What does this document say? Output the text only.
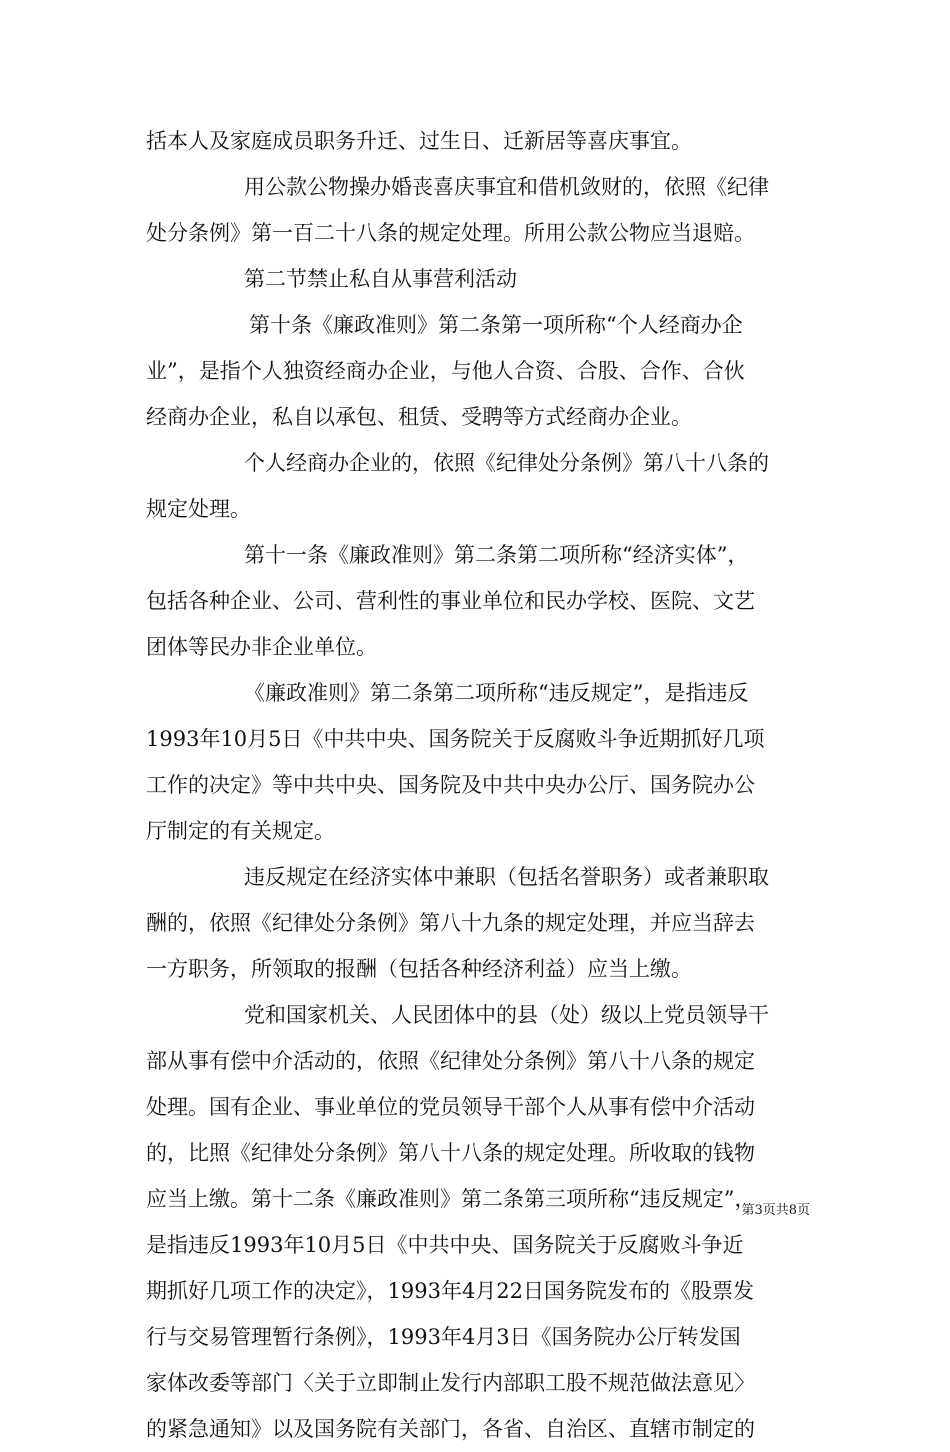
括本人及家庭成员职务升迁、过生日、迁新居等喜庆事宜。
用公款公物操办婚丧喜庆事宜和借机敛财的，依照《纪律
处分条例》第一百二十八条的规定处理。所用公款公物应当退赔。
第二节禁止私自从事营利活动
第十条《廉政准则》第二条第一项所称“个人经商办企
业”，是指个人独资经商办企业，与他人合资、合股、合作、合伙
经商办企业，私自以承包、租赁、受聘等方式经商办企业。
个人经商办企业的，依照《纪律处分条例》第八十八条的
规定处理。
第十一条《廉政准则》第二条第二项所称“经济实体”，
包括各种企业、公司、营利性的事业单位和民办学校、医院、文艺
团体等民办非企业单位。
《廉政准则》第二条第二项所称“违反规定”，是指违反
1993年10月5日《中共中央、国务院关于反腐败斗争近期抓好几项
工作的决定》等中共中央、国务院及中共中央办公厅、国务院办公
厅制定的有关规定。
违反规定在经济实体中兼职（包括名誉职务）或者兼职取
酬的，依照《纪律处分条例》第八十九条的规定处理，并应当辞去
一方职务，所领取的报酬（包括各种经济利益）应当上缴。
党和国家机关、人民团体中的县（处）级以上党员领导干
部从事有偿中介活动的，依照《纪律处分条例》第八十八条的规定
处理。国有企业、事业单位的党员领导干部个人从事有偿中介活动
的，比照《纪律处分条例》第八十八条的规定处理。所收取的钱物
应当上缴。第十二条《廉政准则》第二条第三项所称“违反规定”，
是指违反1993年10月5日《中共中央、国务院关于反腐败斗争近
期抓好几项工作的决定》，1993年4月22日国务院发布的《股票发
行与交易管理暂行条例》，1993年4月3日《国务院办公厅转发国
家体改委等部门〈关于立即制止发行内部职工股不规范做法意见〉
的紧急通知》以及国务院有关部门，各省、自治区、直辖市制定的
第3页共8页
